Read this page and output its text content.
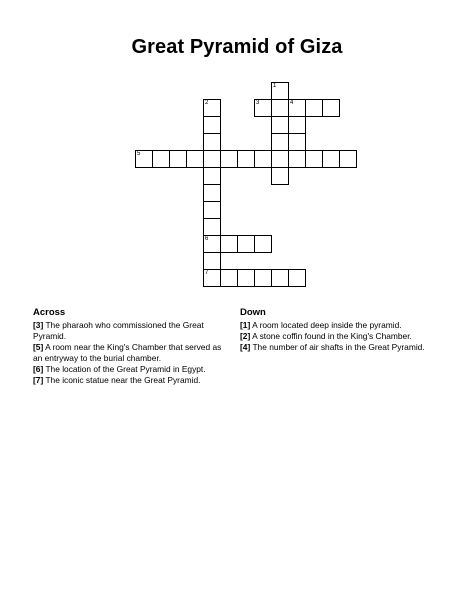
Great Pyramid of Giza
1
2
6
7
3	4
5
Across

[3] The pharaoh who commissioned the Great Pyramid.

[5] A room near the King's Chamber that served as an entryway to the burial chamber.

[6] The location of the Great Pyramid in Egypt.

[7] The iconic statue near the Great Pyramid.

Down

[1] A room located deep inside the pyramid.

[2] A stone coffin found in the King's Chamber.

[4] The number of air shafts in the Great Pyramid.
